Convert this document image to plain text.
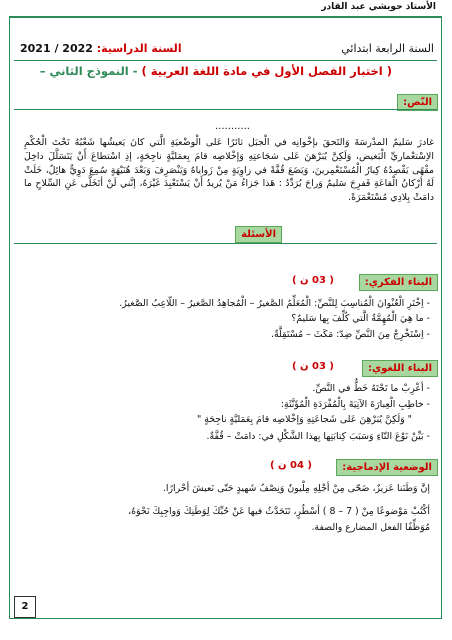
الأستاذ حويشي عبد القادر
السنة الرابعة ابتدائي
السنة الدراسية: 2021 / 2022
( اختبار الفصل الأول في مادة اللغة العربية ) - النموذج الثاني –
النّص:
...........
غادرَ سَليمٌ المدْرسَةَ وَالتَحقَ بإخْوانِه في الْجبَل ثائرًا عَلى الْوضْعيَةِ الَّتي كانَ يَعيشُها شَعْبُهُ تَحْتَ الْحُكْمِ الاِسْتعْماريِّ الْبَغيض، وَلَكِنَّ يُبَرْهنَ عَلى شجَاعتِهِ وَإخْلاصِه قامَ بِعمَليَّةٍ ناجِحَةٍ، إذِ اسْتطاعَ أَنْ يَتَسَلَّلَ داخِلَ مقْهًى يَقْصِدُهُ كِبارُ الْمُسْتَعْمِرينَ، وَيَضَعَ قُفَّةً في زاوِيَةٍ مِنْ زَواياهُ وَيَنْصَرِفَ وَبَعْدَ هُنَيْهَةٍ سُمِعَ دَوِيٌّ هائِلٌ، خَلَتْ لَهُ أرْكانُ الْقاعَةِ فَفرِحَ سَليمٌ وَراحَ يُرَدِّدُ : هَذا جَزاءُ مَنْ يُريدُ أَنْ يَسْتَعْبِدَ غَيْرَهُ، إنَّني لَنْ أتَخَلَّى عَنِ السِّلاحِ ما دامَتْ بِلادِي مُسْتَعْمَرَةً.
الأسئلة
البناء الفكري:
( 03 ن )
- اِخْتَرِ الْعُنْوانَ الْمُناسِبَ لِلنَّصِّ: الْمُعَلِّمُ الصَّغيرُ – الْمُجاهِدُ الصَّغيرُ – اللّاعِبُ الصَّغيرُ.
- ما هِيَ الْمُهِمَّةُ الَّتي كُلِّفَ بِها سَليمٌ؟
- اِسْتَخْرِجْ مِنَ النَّصِّ ضِدّ: مَكَثَ – مُسْتَقِلَّةٌ.
البناء اللغوي:
( 03 ن )
- أعْرِبْ ما تَحْتَهُ خَطٌّ في النَّصِّ.
- خاطِبِ الْعِبارَةَ الآتِيَةَ بِالْمُفْرَدَةِ الْمُؤَنَّثَةِ:
" وَلَكِنَّ يُبَرْهِنَ عَلى شَجاعَتِهِ وَإخْلاصِه قامَ بِعَمَليَّةٍ ناجِحَةٍ "
- بَيِّنْ نَوْعَ التّاءِ وَسَبَبَ كِتابَتِها بِهذا الشَّكْلِ في: دامَتْ – قُفَّةٌ.
الوضعية الإدماجية:
( 04 ن )
إنَّ وَطَنَنا عَزيزٌ، ضَحّى مِنْ أجْلِهِ مِلْيونٌ وَنِصْفُ شَهيدٍ حَتّى نَعيشَ أحْرارًا.
أكْتُبْ مَوْضوعًا مِنْ ( 7 – 8 ) أسْطُرٍ، تَتَحَدَّثُ فيها عَنْ حُبِّكَ لِوَطَنِكَ وَواجِبِكَ نَحْوَهُ،
مُوَظِّفًا الفعل المضارع والصفة.
2
